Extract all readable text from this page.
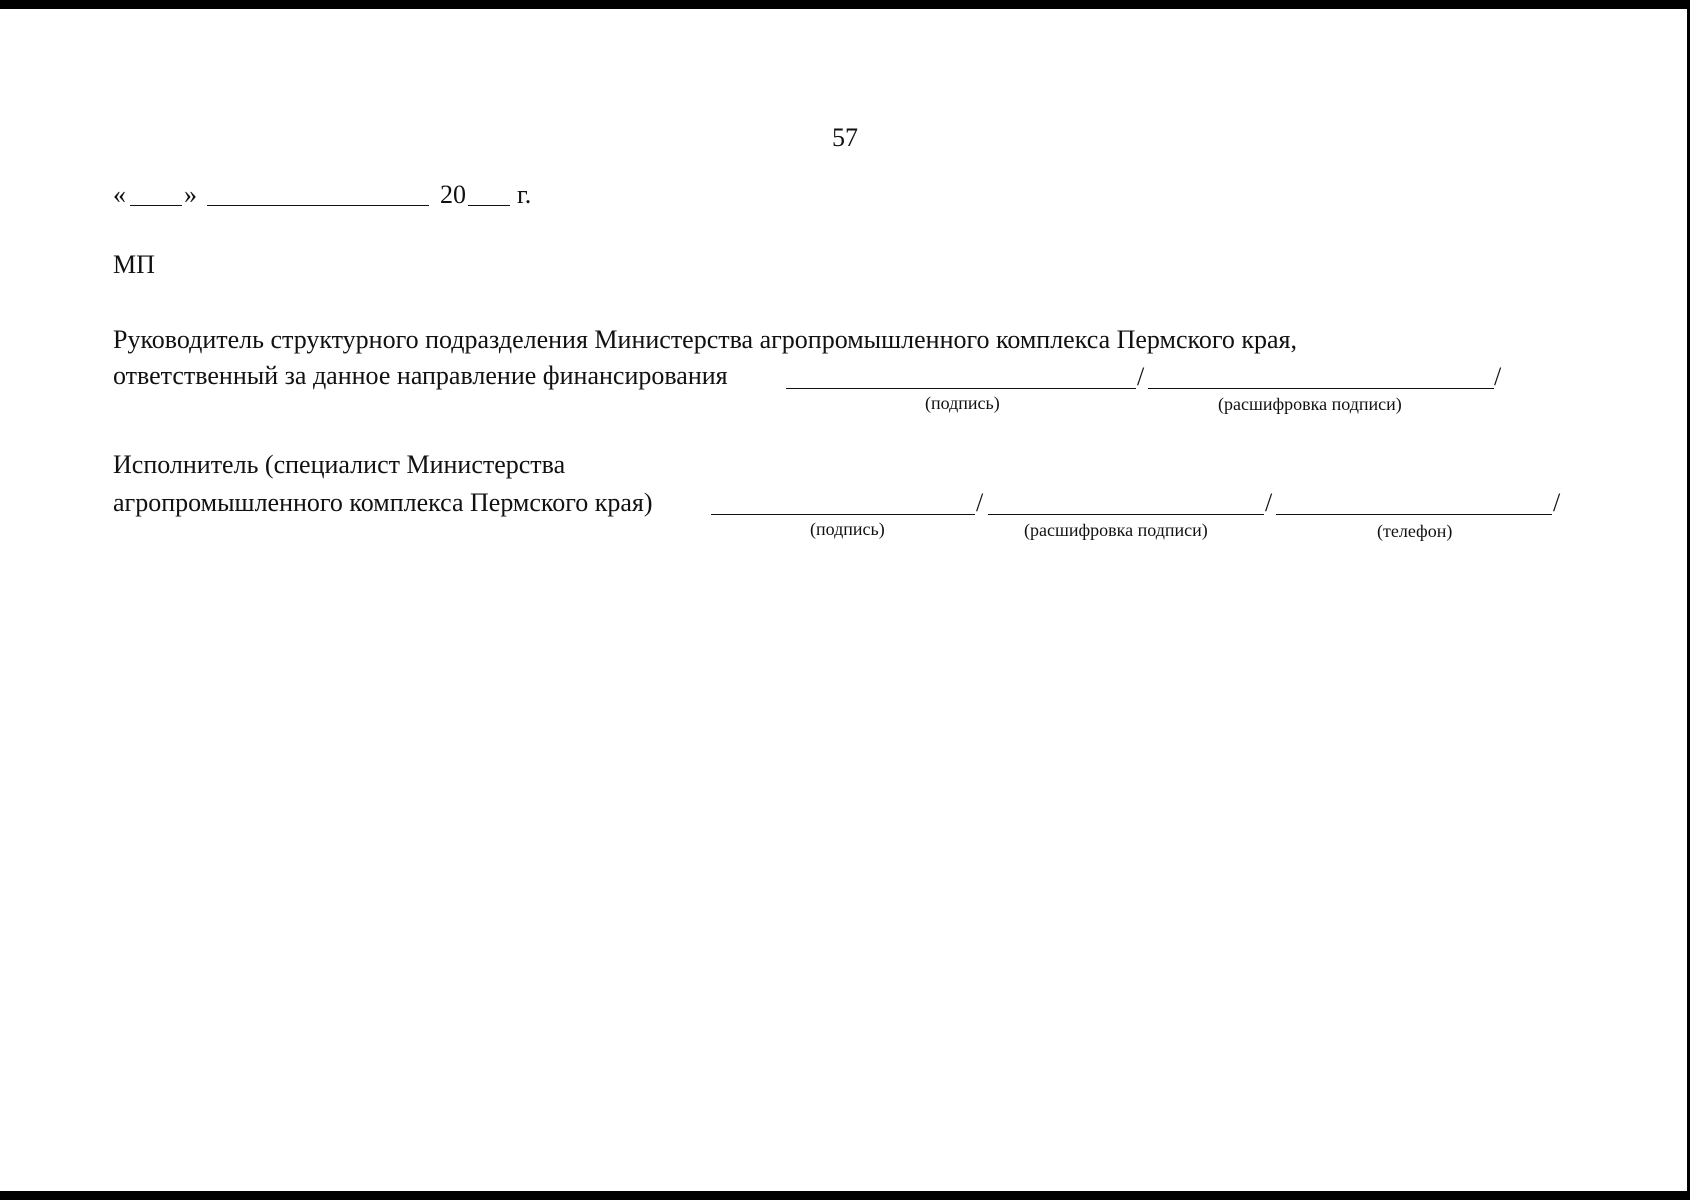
57
« »	20 г.
МП
Руководитель структурного подразделения Министерства агропромышленного комплекса Пермского края,
ответственный за данное направление финансирования	/	/
(подпись)	(расшифровка подписи)
Исполнитель (специалист Министерства
агропромышленного комплекса Пермского края)	/	/	/
(подпись)	(расшифровка подписи)	(телефон)
